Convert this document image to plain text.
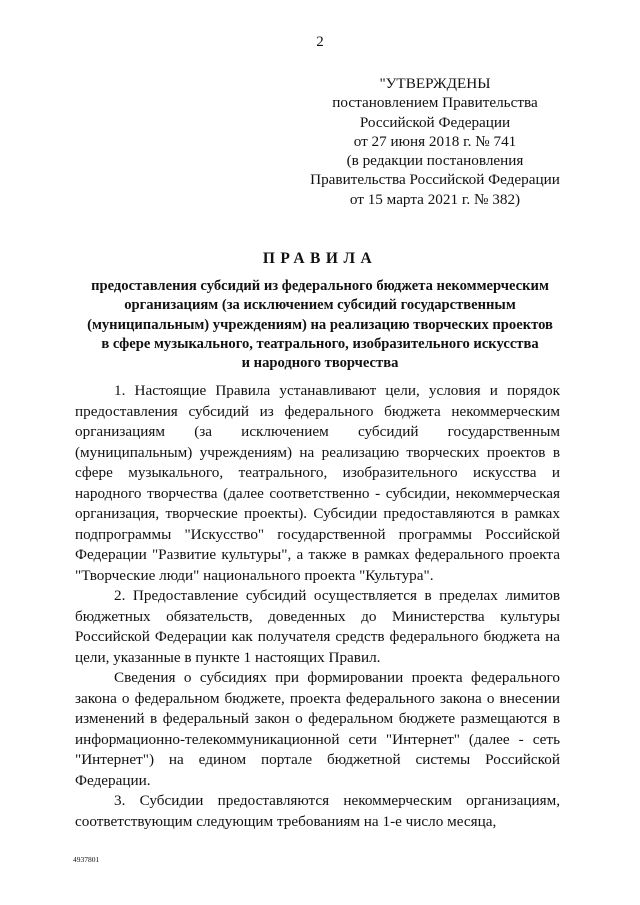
2
"УТВЕРЖДЕНЫ
постановлением Правительства
Российской Федерации
от 27 июня 2018 г. № 741
(в редакции постановления
Правительства Российской Федерации
от 15 марта 2021 г. № 382)
ПРАВИЛА
предоставления субсидий из федерального бюджета некоммерческим
организациям (за исключением субсидий государственным
(муниципальным) учреждениям) на реализацию творческих проектов
в сфере музыкального, театрального, изобразительного искусства
и народного творчества

1. Настоящие Правила устанавливают цели, условия и порядок предоставления субсидий из федерального бюджета некоммерческим организациям (за исключением субсидий государственным (муниципальным) учреждениям) на реализацию творческих проектов в сфере музыкального, театрального, изобразительного искусства и народного творчества (далее соответственно - субсидии, некоммерческая организация, творческие проекты). Субсидии предоставляются в рамках подпрограммы "Искусство" государственной программы Российской Федерации "Развитие культуры", а также в рамках федерального проекта "Творческие люди" национального проекта "Культура".

2. Предоставление субсидий осуществляется в пределах лимитов бюджетных обязательств, доведенных до Министерства культуры Российской Федерации как получателя средств федерального бюджета на цели, указанные в пункте 1 настоящих Правил.

Сведения о субсидиях при формировании проекта федерального закона о федеральном бюджете, проекта федерального закона о внесении изменений в федеральный закон о федеральном бюджете размещаются в информационно-телекоммуникационной сети "Интернет" (далее - сеть "Интернет") на едином портале бюджетной системы Российской Федерации.

3. Субсидии предоставляются некоммерческим организациям, соответствующим следующим требованиям на 1-е число месяца,

4937801
